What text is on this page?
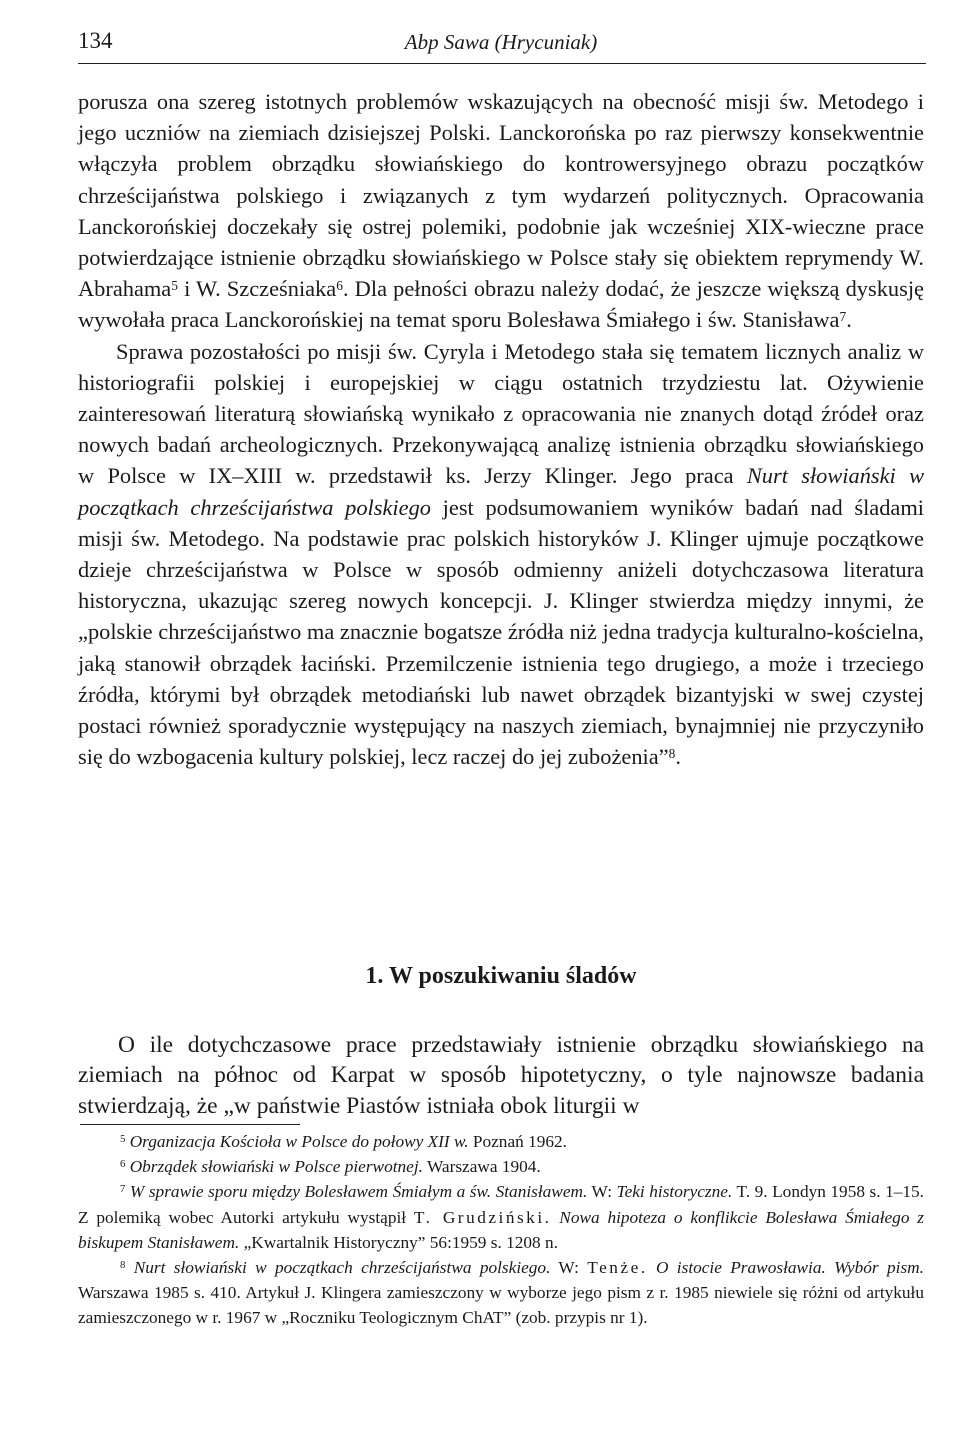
134	Abp Sawa (Hrycuniak)

porusza ona szereg istotnych problemów wskazujących na obecność misji św. Metodego i jego uczniów na ziemiach dzisiejszej Polski. Lanckorońska po raz pierwszy konsekwentnie włączyła problem obrządku słowiańskiego do kontrowersyjnego obrazu początków chrześcijaństwa polskiego i związanych z tym wydarzeń politycznych. Opracowania Lanckorońskiej doczekały się ostrej polemiki, podobnie jak wcześniej XIX-wieczne prace potwierdzające istnienie obrządku słowiańskiego w Polsce stały się obiektem reprymendy W. Abrahama$^5$ i W. Szcześniaka$^6$. Dla pełności obrazu należy dodać, że jeszcze większą dyskusję wywołała praca Lanckorońskiej na temat sporu Bolesława Śmiałego i św. Stanisława$^7$.

Sprawa pozostałości po misji św. Cyryla i Metodego stała się tematem licznych analiz w historiografii polskiej i europejskiej w ciągu ostatnich trzydziestu lat. Ożywienie zainteresowań literaturą słowiańską wynikało z opracowania nie znanych dotąd źródeł oraz nowych badań archeologicznych. Przekonywającą analizę istnienia obrządku słowiańskiego w Polsce w IX–XIII w. przedstawił ks. Jerzy Klinger. Jego praca Nurt słowiański w początkach chrześcijaństwa polskiego jest podsumowaniem wyników badań nad śladami misji św. Metodego. Na podstawie prac polskich historyków J. Klinger ujmuje początkowe dzieje chrześcijaństwa w Polsce w sposób odmienny aniżeli dotychczasowa literatura historyczna, ukazując szereg nowych koncepcji. J. Klinger stwierdza między innymi, że „polskie chrześcijaństwo ma znacznie bogatsze źródła niż jedna tradycja kulturalno-kościelna, jaką stanowił obrządek łaciński. Przemilczenie istnienia tego drugiego, a może i trzeciego źródła, którymi był obrządek metodiański lub nawet obrządek bizantyjski w swej czystej postaci również sporadycznie występujący na naszych ziemiach, bynajmniej nie przyczyniło się do wzbogacenia kultury polskiej, lecz raczej do jej zubożenia”$^8$.

1. W poszukiwaniu śladów

O ile dotychczasowe prace przedstawiały istnienie obrządku słowiańskiego na ziemiach na północ od Karpat w sposób hipotetyczny, o tyle najnowsze badania stwierdzają, że „w państwie Piastów istniała obok liturgii w

$^5$ Organizacja Kościoła w Polsce do połowy XII w. Poznań 1962.

$^6$ Obrządek słowiański w Polsce pierwotnej. Warszawa 1904.

$^7$ W sprawie sporu między Bolesławem Śmiałym a św. Stanisławem. W: Teki historyczne. T. 9. Londyn 1958 s. 1–15. Z polemiką wobec Autorki artykułu wystąpił T. Grudziński. Nowa hipoteza o konflikcie Bolesława Śmiałego z biskupem Stanisławem. „Kwartalnik Historyczny” 56:1959 s. 1208 n.

$^8$ Nurt słowiański w początkach chrześcijaństwa polskiego. W: Tenże. O istocie Prawosławia. Wybór pism. Warszawa 1985 s. 410. Artykuł J. Klingera zamieszczony w wyborze jego pism z r. 1985 niewiele się różni od artykułu zamieszczonego w r. 1967 w „Roczniku Teologicznym ChAT” (zob. przypis nr 1).
